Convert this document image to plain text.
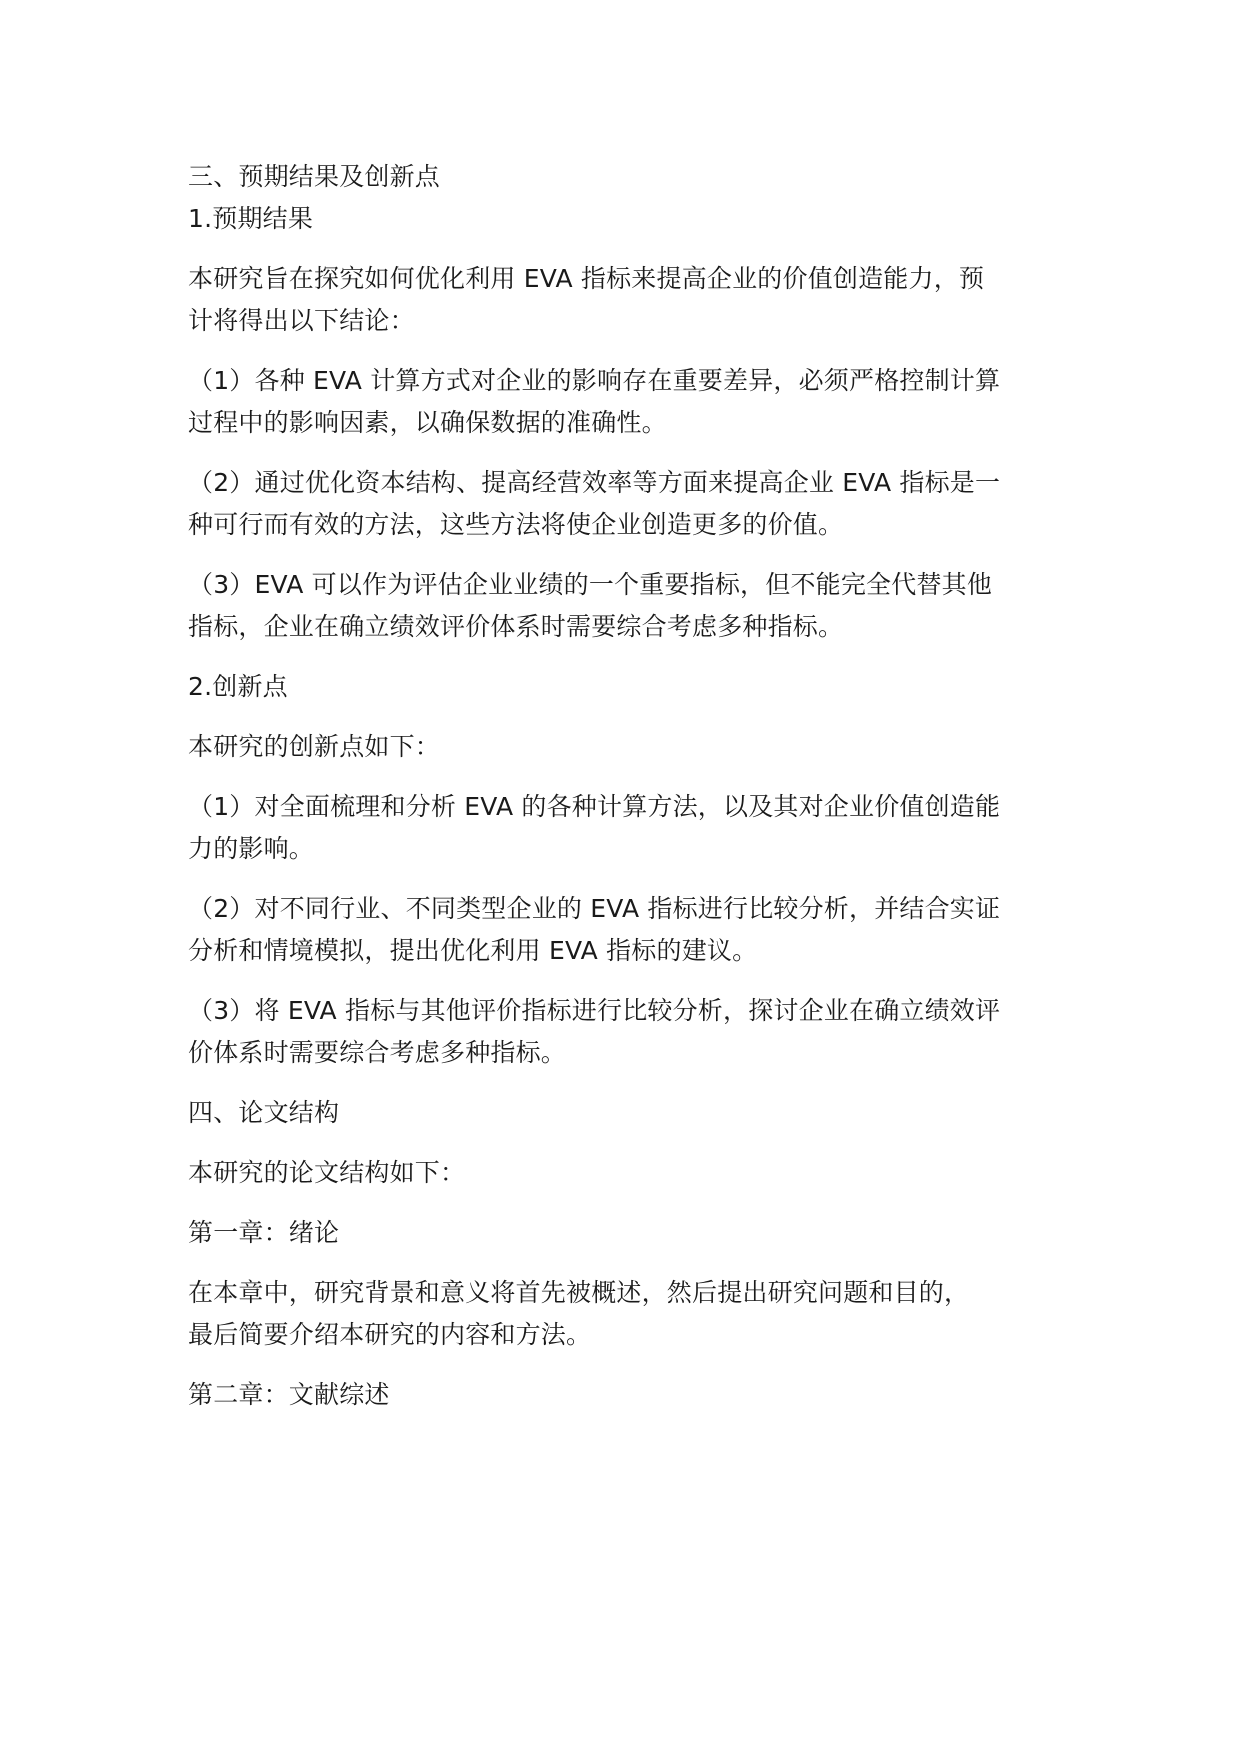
三、预期结果及创新点
1.预期结果
本研究旨在探究如何优化利用 EVA 指标来提高企业的价值创造能力，预
计将得出以下结论：
（1）各种 EVA 计算方式对企业的影响存在重要差异，必须严格控制计算
过程中的影响因素，以确保数据的准确性。
（2）通过优化资本结构、提高经营效率等方面来提高企业 EVA 指标是一
种可行而有效的方法，这些方法将使企业创造更多的价值。
（3）EVA 可以作为评估企业业绩的一个重要指标，但不能完全代替其他
指标，企业在确立绩效评价体系时需要综合考虑多种指标。
2.创新点
本研究的创新点如下：
（1）对全面梳理和分析 EVA 的各种计算方法，以及其对企业价值创造能
力的影响。
（2）对不同行业、不同类型企业的 EVA 指标进行比较分析，并结合实证
分析和情境模拟，提出优化利用 EVA 指标的建议。
（3）将 EVA 指标与其他评价指标进行比较分析，探讨企业在确立绩效评
价体系时需要综合考虑多种指标。
四、论文结构
本研究的论文结构如下：
第一章：绪论
在本章中，研究背景和意义将首先被概述，然后提出研究问题和目的，
最后简要介绍本研究的内容和方法。
第二章：文献综述
